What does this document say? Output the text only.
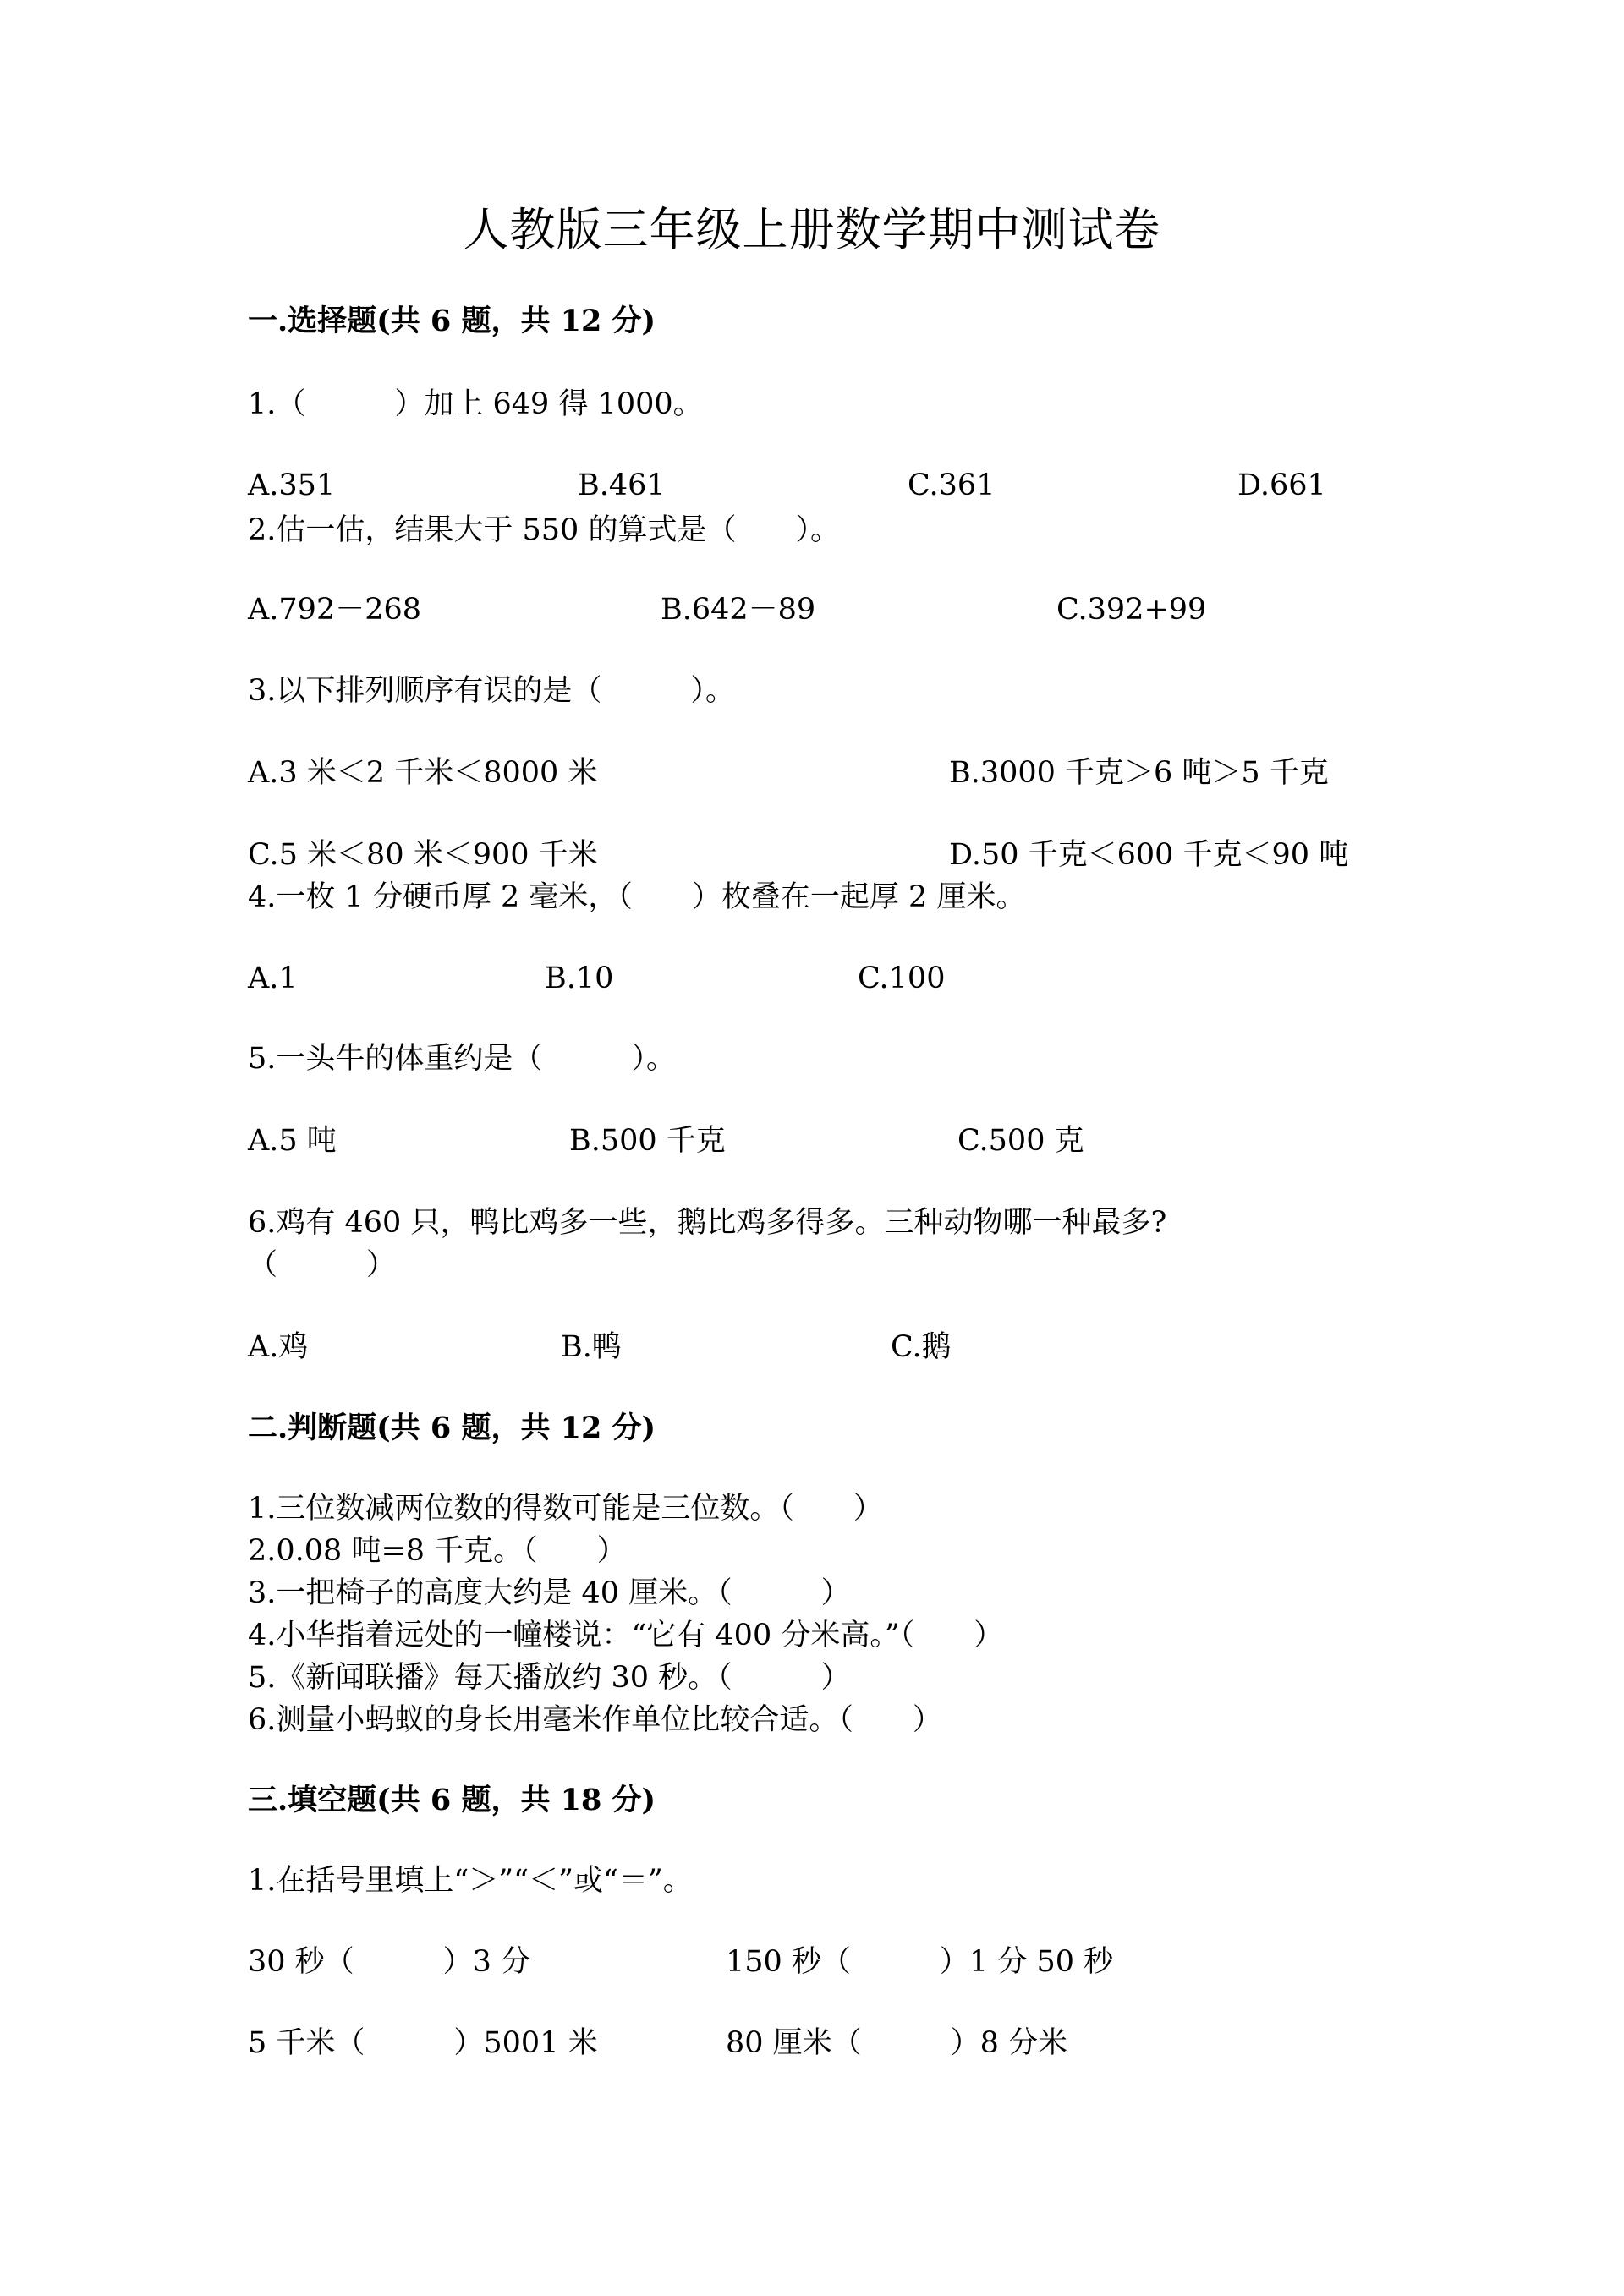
人教版三年级上册数学期中测试卷
一.选择题(共 6 题，共 12 分)
1.（　　　）加上 649 得 1000。
A.351	B.461	C.361	D.661
2.估一估，结果大于 550 的算式是（　　）。
A.792－268	B.642－89	C.392+99
3.以下排列顺序有误的是（　　　）。
A.3 米＜2 千米＜8000 米	B.3000 千克＞6 吨＞5 千克
C.5 米＜80 米＜900 千米	D.50 千克＜600 千克＜90 吨
4.一枚 1 分硬币厚 2 毫米，（　　）枚叠在一起厚 2 厘米。
A.1	B.10	C.100
5.一头牛的体重约是（　　　）。
A.5 吨	B.500 千克	C.500 克
6.鸡有 460 只，鸭比鸡多一些，鹅比鸡多得多。三种动物哪一种最多?
（　　　）
A.鸡	B.鸭	C.鹅
二.判断题(共 6 题，共 12 分)
1.三位数减两位数的得数可能是三位数。（　　）
2.0.08 吨=8 千克。（　　）
3.一把椅子的高度大约是 40 厘米。（　　　）
4.小华指着远处的一幢楼说：“它有 400 分米高。”（　　）
5.《新闻联播》每天播放约 30 秒。（　　　）
6.测量小蚂蚁的身长用毫米作单位比较合适。（　　）
三.填空题(共 6 题，共 18 分)
1.在括号里填上“＞”“＜”或“＝”。
30 秒（　　　）3 分	150 秒（　　　）1 分 50 秒
5 千米（　　　）5001 米	80 厘米（　　　）8 分米
